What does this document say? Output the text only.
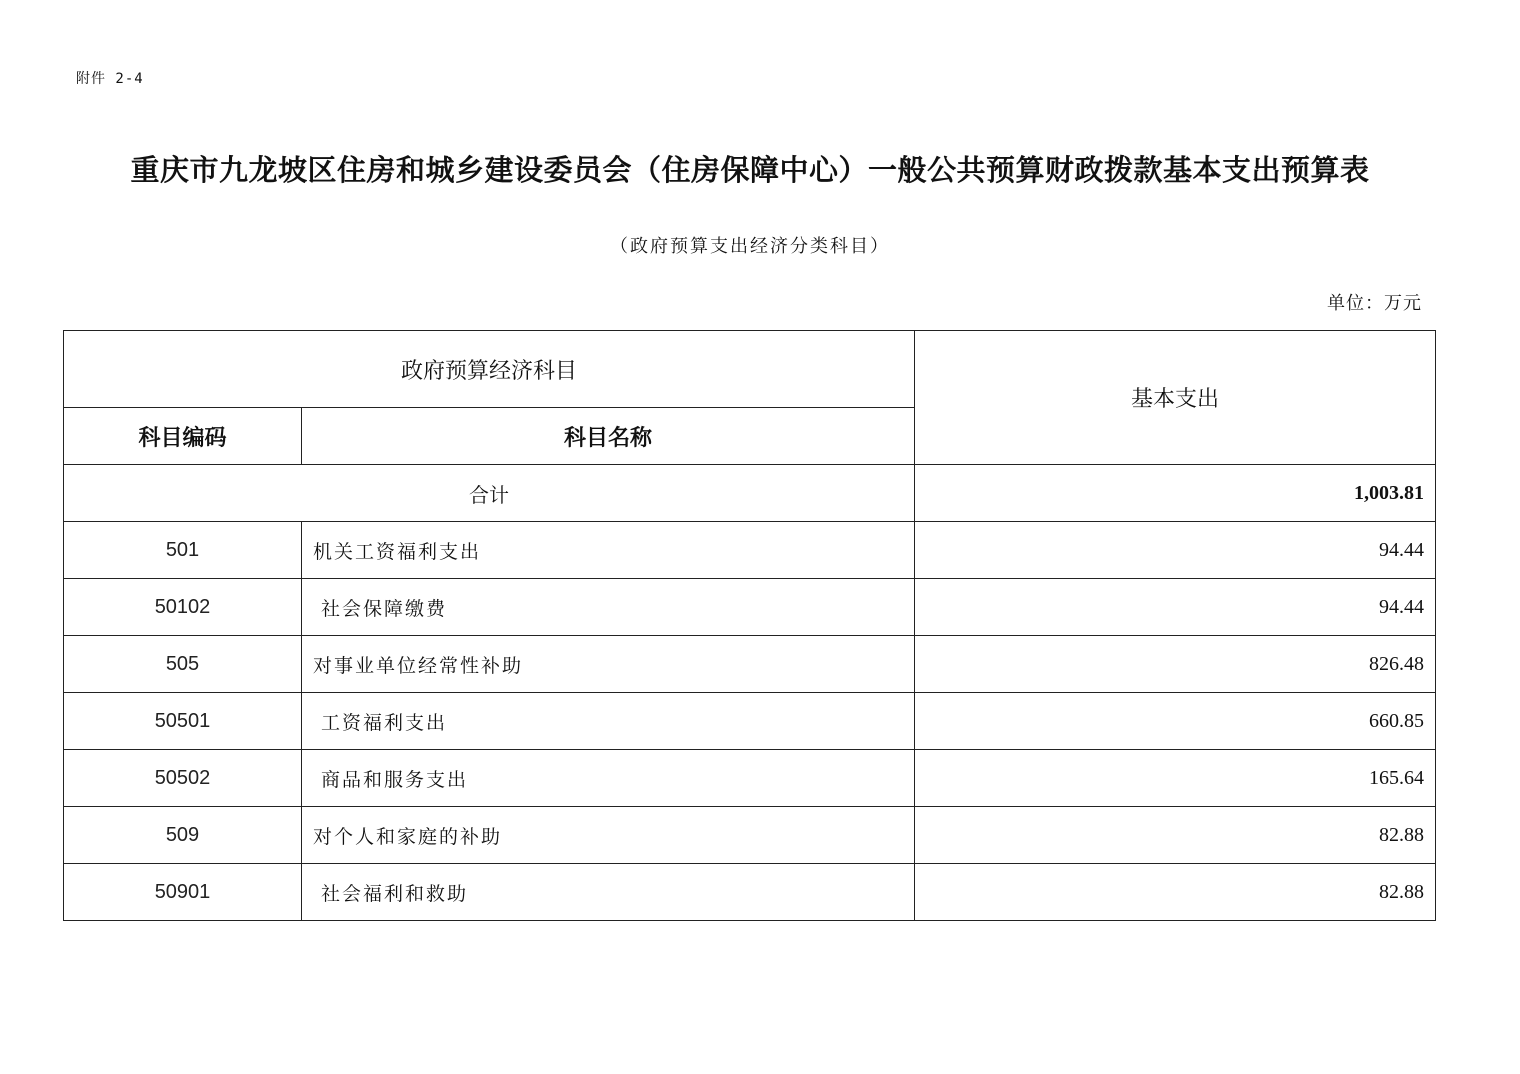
附件 2-4
重庆市九龙坡区住房和城乡建设委员会（住房保障中心）一般公共预算财政拨款基本支出预算表
（政府预算支出经济分类科目）
单位：万元
政府预算经济科目		基本支出
科目编码	科目名称	
合计		1,003.81
501	机关工资福利支出	94.44
50102	社会保障缴费	94.44
505	对事业单位经常性补助	826.48
50501	工资福利支出	660.85
50502	商品和服务支出	165.64
509	对个人和家庭的补助	82.88
50901	社会福利和救助	82.88
